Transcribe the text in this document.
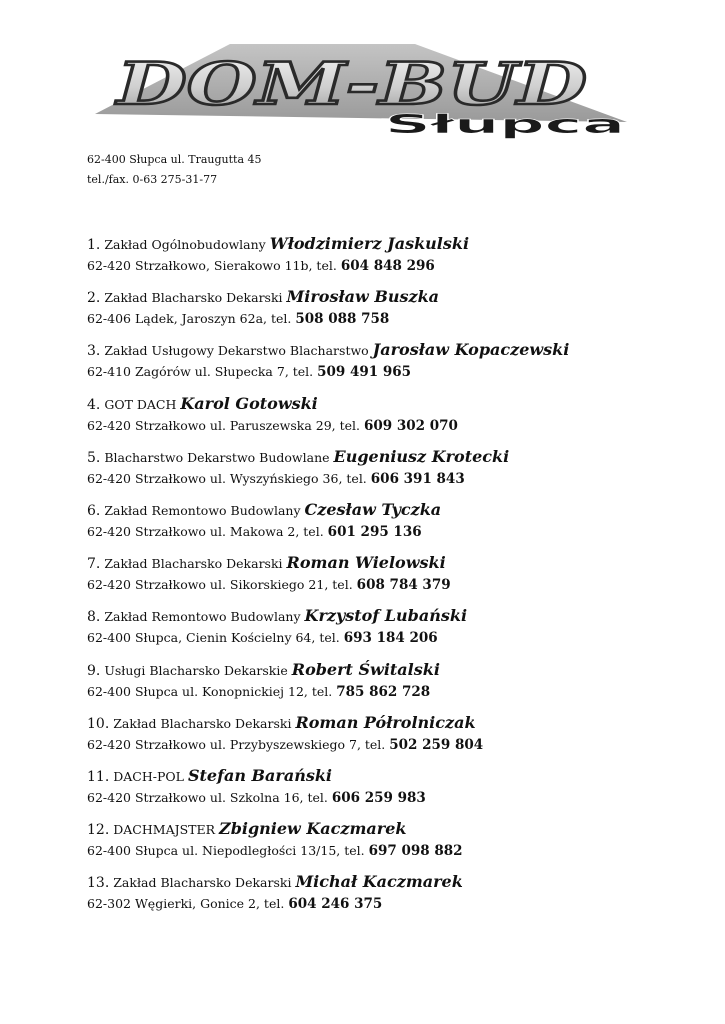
DOM-BUD
Słupca
62-400 Słupca ul. Traugutta 45
tel./fax. 0-63 275-31-77
1. Zakład Ogólnobudowlany Włodzimierz Jaskulski
62-420 Strzałkowo, Sierakowo 11b, tel. 604 848 296
2. Zakład Blacharsko Dekarski Mirosław Buszka
62-406 Lądek, Jaroszyn 62a, tel. 508 088 758
3. Zakład Usługowy Dekarstwo Blacharstwo Jarosław Kopaczewski
62-410 Zagórów ul. Słupecka 7, tel. 509 491 965
4. GOT DACH Karol Gotowski
62-420 Strzałkowo ul. Paruszewska 29, tel. 609 302 070
5. Blacharstwo Dekarstwo Budowlane Eugeniusz Krotecki
62-420 Strzałkowo ul. Wyszyńskiego 36, tel. 606 391 843
6. Zakład Remontowo Budowlany Czesław Tyczka
62-420 Strzałkowo ul. Makowa 2, tel. 601 295 136
7. Zakład Blacharsko Dekarski Roman Wielowski
62-420 Strzałkowo ul. Sikorskiego 21, tel. 608 784 379
8. Zakład Remontowo Budowlany Krzystof Lubański
62-400 Słupca, Cienin Kościelny 64, tel. 693 184 206
9. Usługi Blacharsko Dekarskie Robert Świtalski
62-400 Słupca ul. Konopnickiej 12, tel. 785 862 728
10. Zakład Blacharsko Dekarski Roman Półrolniczak
62-420 Strzałkowo ul. Przybyszewskiego 7, tel. 502 259 804
11. DACH-POL Stefan Barański
62-420 Strzałkowo ul. Szkolna 16, tel. 606 259 983
12. DACHMAJSTER Zbigniew Kaczmarek
62-400 Słupca ul. Niepodległości 13/15, tel. 697 098 882
13. Zakład Blacharsko Dekarski Michał Kaczmarek
62-302 Węgierki, Gonice 2, tel. 604 246 375
